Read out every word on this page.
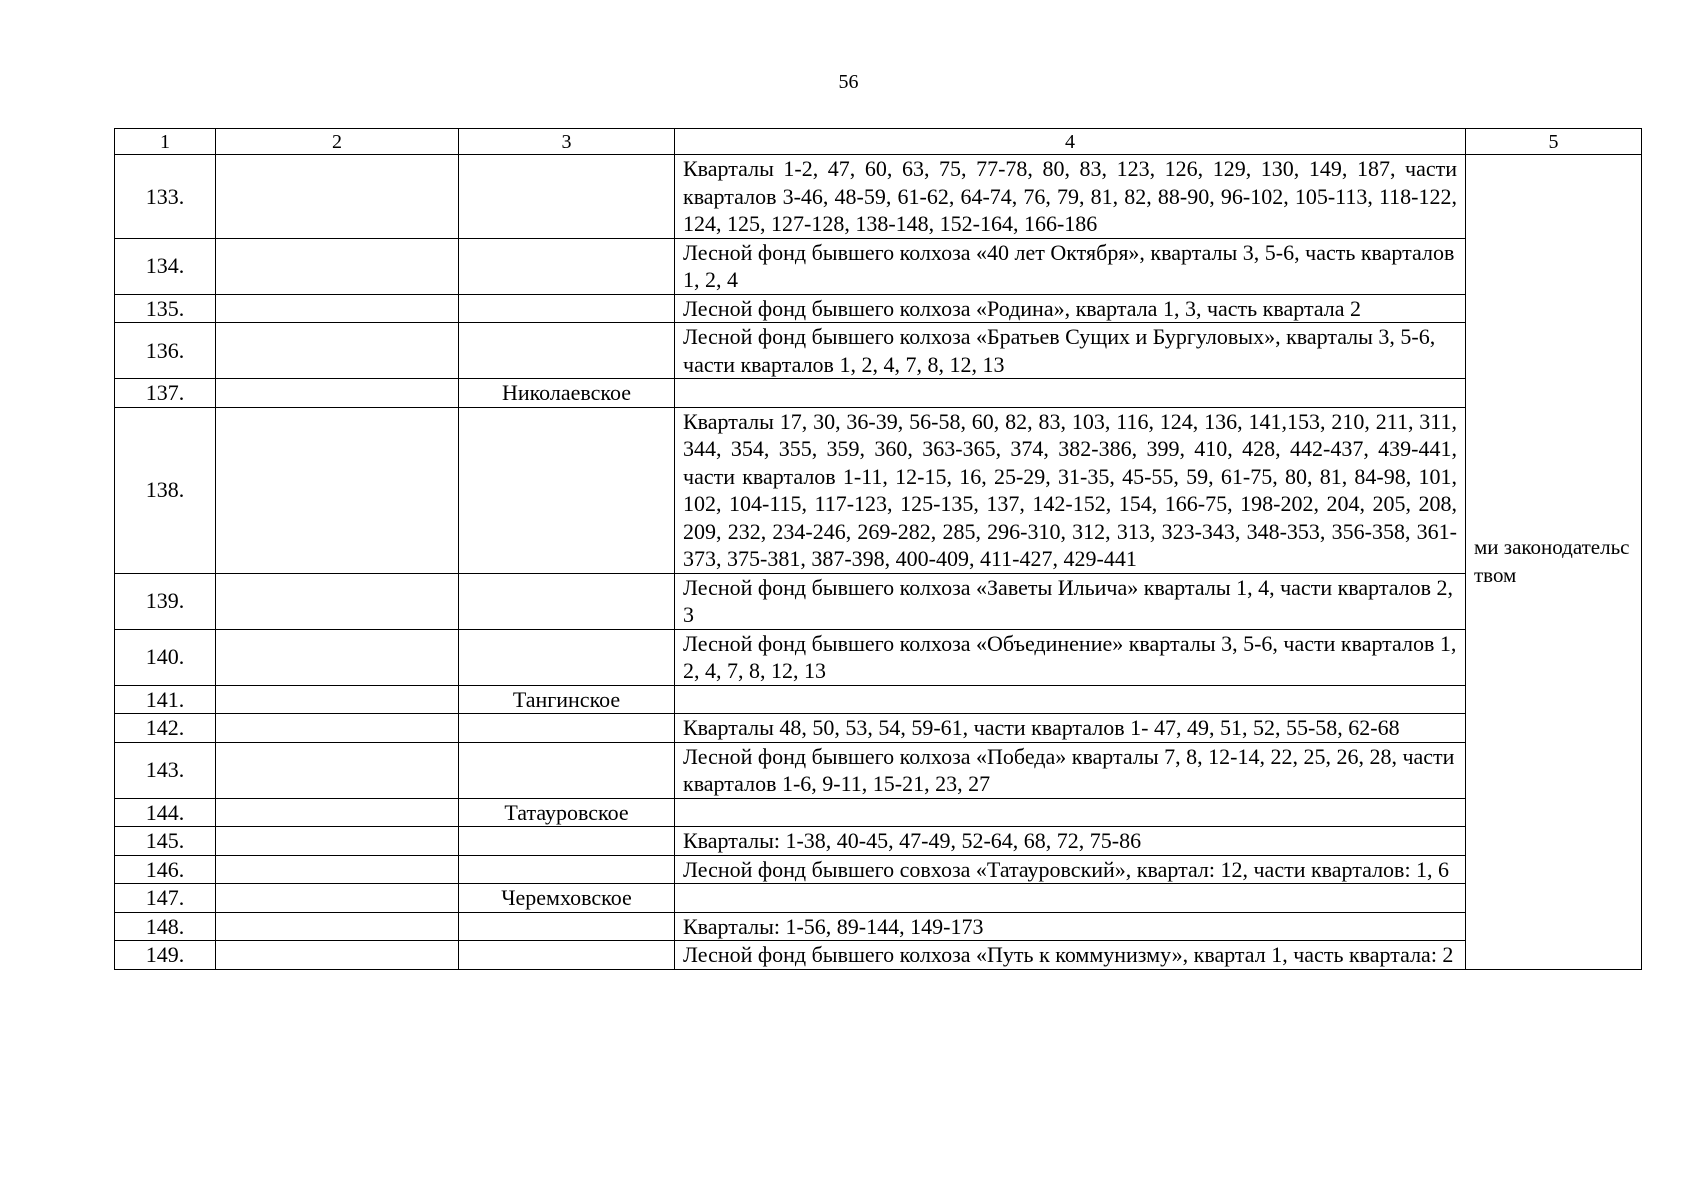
56
1	2	3	4	5
133.			Кварталы 1-2, 47, 60, 63, 75, 77-78, 80, 83, 123, 126, 129, 130, 149, 187, части кварталов 3-46, 48-59, 61-62, 64-74, 76, 79, 81, 82, 88-90, 96-102, 105-113, 118-122, 124, 125, 127-128, 138-148, 152-164, 166-186	ми законодательс твом
134.			Лесной фонд бывшего колхоза «40 лет Октября», кварталы 3, 5-6, часть кварталов 1, 2, 4	
135.			Лесной фонд бывшего колхоза «Родина», квартала 1, 3, часть квартала 2	
136.			Лесной фонд бывшего колхоза «Братьев Сущих и Бургуловых», кварталы 3, 5-6, части кварталов 1, 2, 4, 7, 8, 12, 13	
137.		Николаевское		
138.			Кварталы 17, 30, 36-39, 56-58, 60, 82, 83, 103, 116, 124, 136, 141,153, 210, 211, 311, 344, 354, 355, 359, 360, 363-365, 374, 382-386, 399, 410, 428, 442-437, 439-441, части кварталов 1-11, 12-15, 16, 25-29, 31-35, 45-55, 59, 61-75, 80, 81, 84-98, 101, 102, 104-115, 117-123, 125-135, 137, 142-152, 154, 166-75, 198-202, 204, 205, 208, 209, 232, 234-246, 269-282, 285, 296-310, 312, 313, 323-343, 348-353, 356-358, 361-373, 375-381, 387-398, 400-409, 411-427, 429-441	
139.			Лесной фонд бывшего колхоза «Заветы Ильича» кварталы 1, 4, части кварталов 2, 3	
140.			Лесной фонд бывшего колхоза «Объединение» кварталы 3, 5-6, части кварталов 1, 2, 4, 7, 8, 12, 13	
141.		Тангинское		
142.			Кварталы 48, 50, 53, 54, 59-61, части кварталов 1- 47, 49, 51, 52, 55-58, 62-68	
143.			Лесной фонд бывшего колхоза «Победа» кварталы 7, 8, 12-14, 22, 25, 26, 28, части кварталов 1-6, 9-11, 15-21, 23, 27	
144.		Татауровское		
145.			Кварталы: 1-38, 40-45, 47-49, 52-64, 68, 72, 75-86	
146.			Лесной фонд бывшего совхоза «Татауровский», квартал: 12, части кварталов: 1, 6	
147.		Черемховское		
148.			Кварталы: 1-56, 89-144, 149-173	
149.			Лесной фонд бывшего колхоза «Путь к коммунизму», квартал 1, часть квартала: 2	
